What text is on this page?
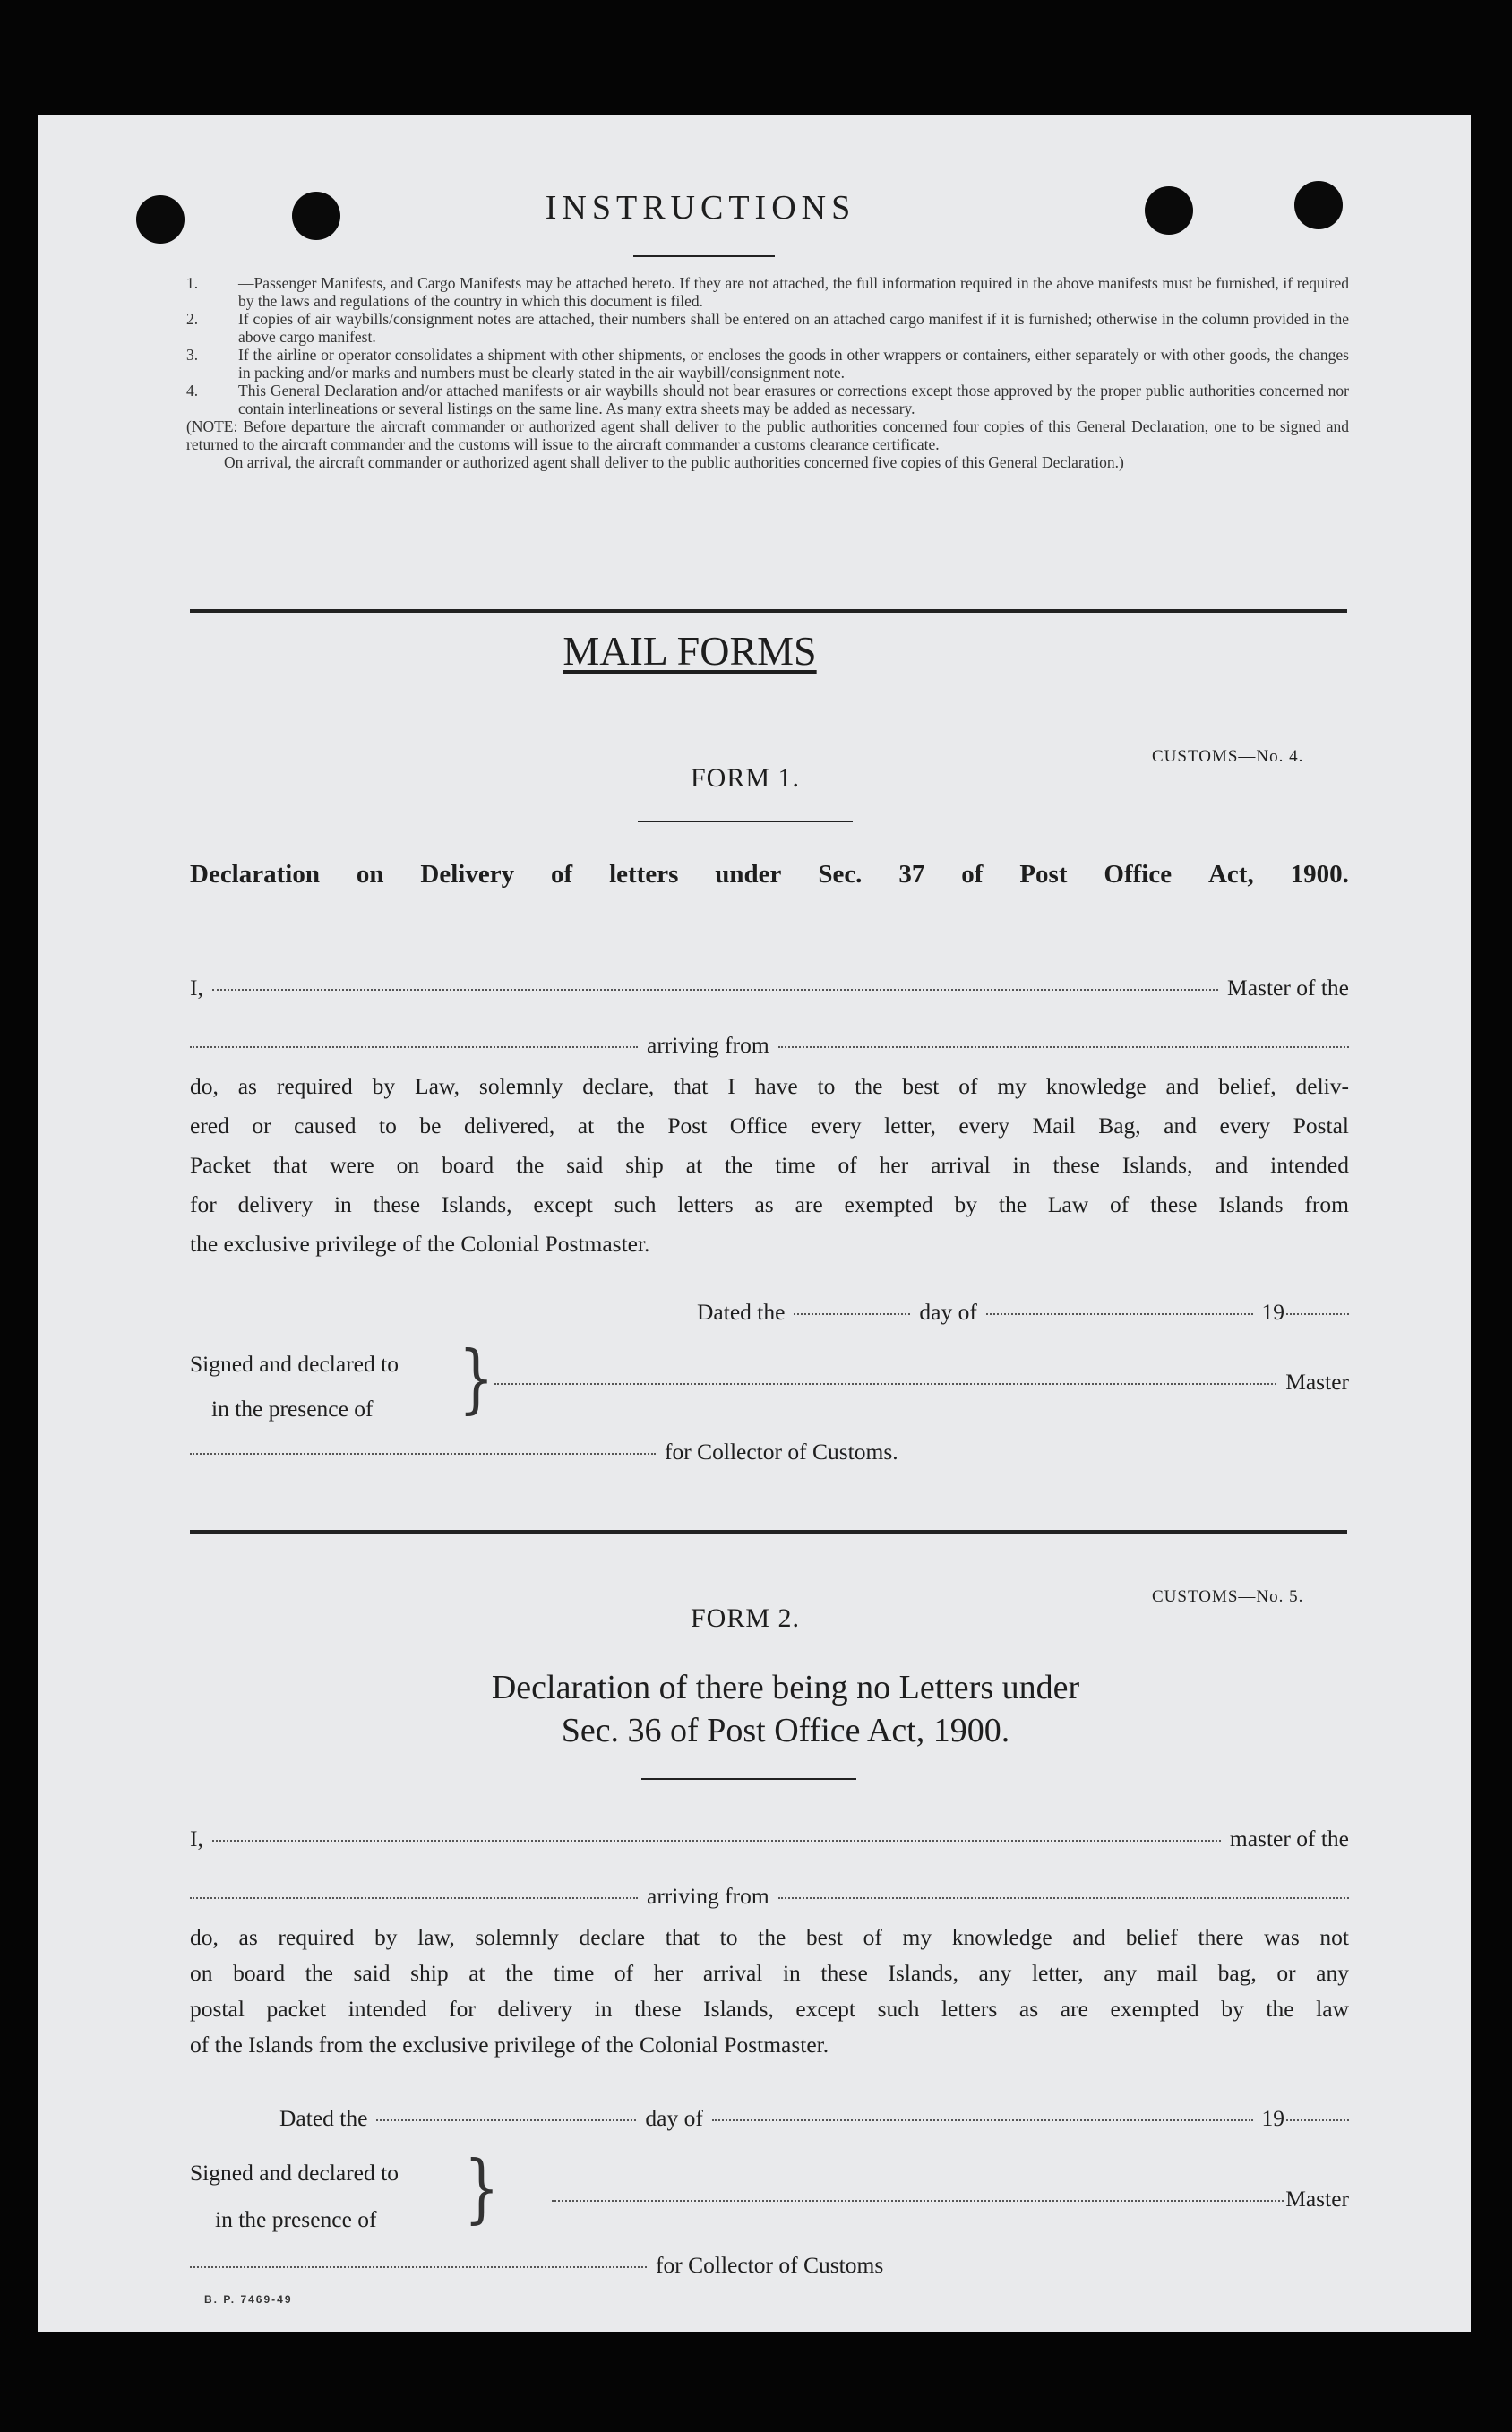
INSTRUCTIONS
1.	—Passenger Manifests, and Cargo Manifests may be attached hereto. If they are not attached, the full information required in the above manifests must be furnished, if required by the laws and regulations of the country in which this document is filed.
2.	If copies of air waybills/consignment notes are attached, their numbers shall be entered on an attached cargo manifest if it is furnished; otherwise in the column provided in the above cargo manifest.
3.	If the airline or operator consolidates a shipment with other shipments, or encloses the goods in other wrappers or containers, either separately or with other goods, the changes in packing and/or marks and numbers must be clearly stated in the air waybill/consignment note.
4.	This General Declaration and/or attached manifests or air waybills should not bear erasures or corrections except those approved by the proper public authorities concerned nor contain interlineations or several listings on the same line. As many extra sheets may be added as necessary.
(NOTE: Before departure the aircraft commander or authorized agent shall deliver to the public authorities concerned four copies of this General Declaration, one to be signed and returned to the aircraft commander and the customs will issue to the aircraft commander a customs clearance certificate.
On arrival, the aircraft commander or authorized agent shall deliver to the public authorities concerned five copies of this General Declaration.)
MAIL FORMS
CUSTOMS—No. 4.
FORM 1.
Declaration on Delivery of letters under Sec. 37 of Post Office Act, 1900.
I,	Master of the
arriving from
do, as required by Law, solemnly declare, that I have to the best of my knowledge and belief, deliv-
ered or caused to be delivered, at the Post Office every letter, every Mail Bag, and every Postal
Packet that were on board the said ship at the time of her arrival in these Islands, and intended
for delivery in these Islands, except such letters as are exempted by the Law of these Islands from
the exclusive privilege of the Colonial Postmaster.
Dated the	day of	19
Signed and declared to
in the presence of	}	Master
for Collector of Customs.
CUSTOMS—No. 5.
FORM 2.
Declaration of there being no Letters under
Sec. 36 of Post Office Act, 1900.
I,	master of the
arriving from
do, as required by law, solemnly declare that to the best of my knowledge and belief there was not
on board the said ship at the time of her arrival in these Islands, any letter, any mail bag, or any
postal packet intended for delivery in these Islands, except such letters as are exempted by the law
of the Islands from the exclusive privilege of the Colonial Postmaster.
Dated the	day of	19
Signed and declared to
in the presence of	}	Master
for Collector of Customs
B. P. 7469-49
